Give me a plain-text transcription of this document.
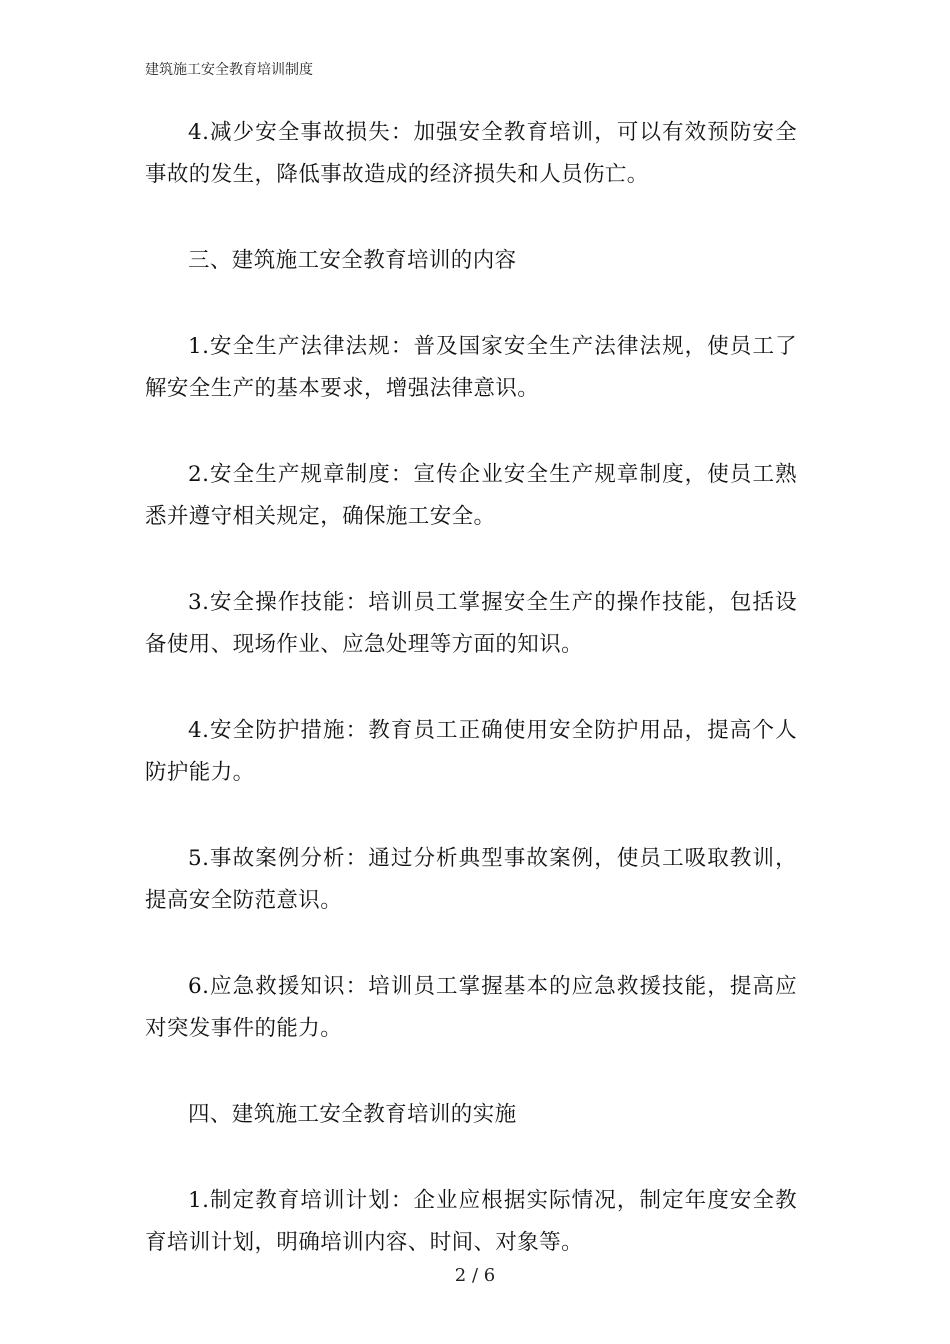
建筑施工安全教育培训制度

4.减少安全事故损失：加强安全教育培训，可以有效预防安全事故的发生，降低事故造成的经济损失和人员伤亡。

三、建筑施工安全教育培训的内容

1.安全生产法律法规：普及国家安全生产法律法规，使员工了解安全生产的基本要求，增强法律意识。

2.安全生产规章制度：宣传企业安全生产规章制度，使员工熟悉并遵守相关规定，确保施工安全。

3.安全操作技能：培训员工掌握安全生产的操作技能，包括设备使用、现场作业、应急处理等方面的知识。

4.安全防护措施：教育员工正确使用安全防护用品，提高个人防护能力。

5.事故案例分析：通过分析典型事故案例，使员工吸取教训，提高安全防范意识。

6.应急救援知识：培训员工掌握基本的应急救援技能，提高应对突发事件的能力。

四、建筑施工安全教育培训的实施

1.制定教育培训计划：企业应根据实际情况，制定年度安全教育培训计划，明确培训内容、时间、对象等。

2 / 6
